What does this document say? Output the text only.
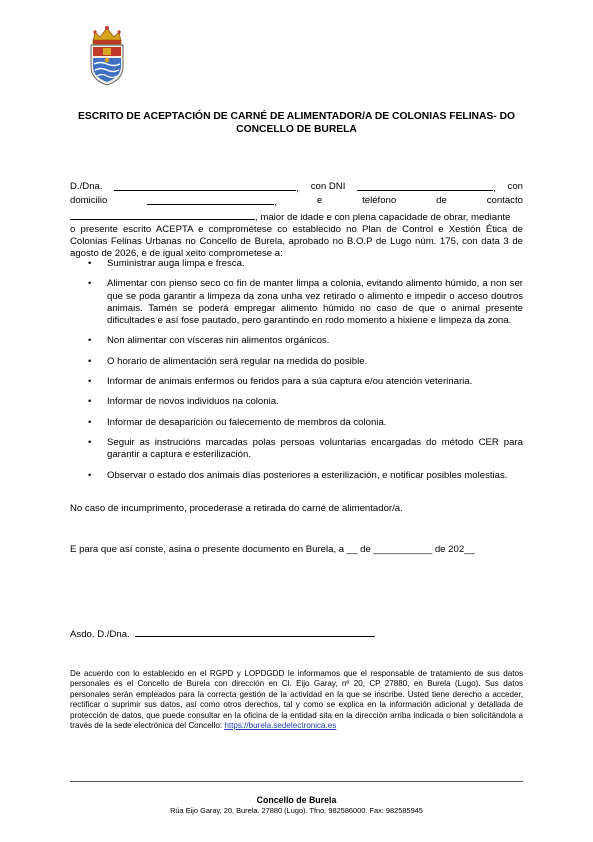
ESCRITO DE ACEPTACIÓN DE CARNÉ DE ALIMENTADOR/A DE COLONIAS FELINAS- DO
CONCELLO DE BURELA
D./Dna.	, con DNI	, con
domicilio	,	e	teléfono	de	contacto
, maior de idade e con plena capacidade de obrar, mediante
o presente escrito ACEPTA e comprométese co establecido no Plan de Control e Xestión Ética de Colonias Felinas Urbanas no Concello de Burela, aprobado no B.O.P de Lugo núm. 175, con data 3 de agosto de 2026, e de igual xeito comprometese a:
• Suministrar auga limpa e fresca.
• Alimentar con pienso seco co fin de manter limpa a colonia, evitando alimento húmido, a non ser que se poda garantir a limpeza da zona unha vez retirado o alimento e impedir o acceso doutros animais. Tamén se poderá empregar alimento húmido no caso de que o animal presente dificultades e así fose pautado, pero garantindo en rodo momento a hixiene e limpeza da zona.
• Non alimentar con vísceras nin alimentos orgánicos.
• O horario de alimentación será regular na medida do posible.
• Informar de animais enfermos ou feridos para a súa captura e/ou atención veterinaria.
• Informar de novos individuos na colonia.
• Informar de desaparición ou falecemento de membros da colonia.
• Seguir as instrucións marcadas polas persoas voluntarias encargadas do método CER para garantir a captura e esterilización.
• Observar o estado dos animais días posteriores a esterilización, e notificar posibles molestias.
No caso de incumprimento, procederase a retirada do carné de alimentador/a.
E para que así conste, asina o presente documento en Burela, a __ de ___________ de 202__
Asdo. D./Dna.
De acuerdo con lo establecido en el RGPD y LOPDGDD le informamos que el responsable de tratamiento de sus datos personales es el Concello de Burela con dirección en Cl. Eijo Garay, nº 20, CP 27880, en Burela (Lugo). Sus datos personales serán empleados para la correcta gestión de la actividad en la que se inscribe. Usted tiene derecho a acceder, rectificar o suprimir sus datos, así como otros derechos, tal y como se explica en la información adicional y detallada de protección de datos, que puede consultar en la oficina de la entidad sita en la dirección arriba indicada o bien solicitándola a través de la sede electrónica del Concello: https://burela.sedelectronica.es
Concello de Burela
Rúa Eijo Garay, 20, Burela. 27880 (Lugo). Tfno. 982586000. Fax: 982585945
